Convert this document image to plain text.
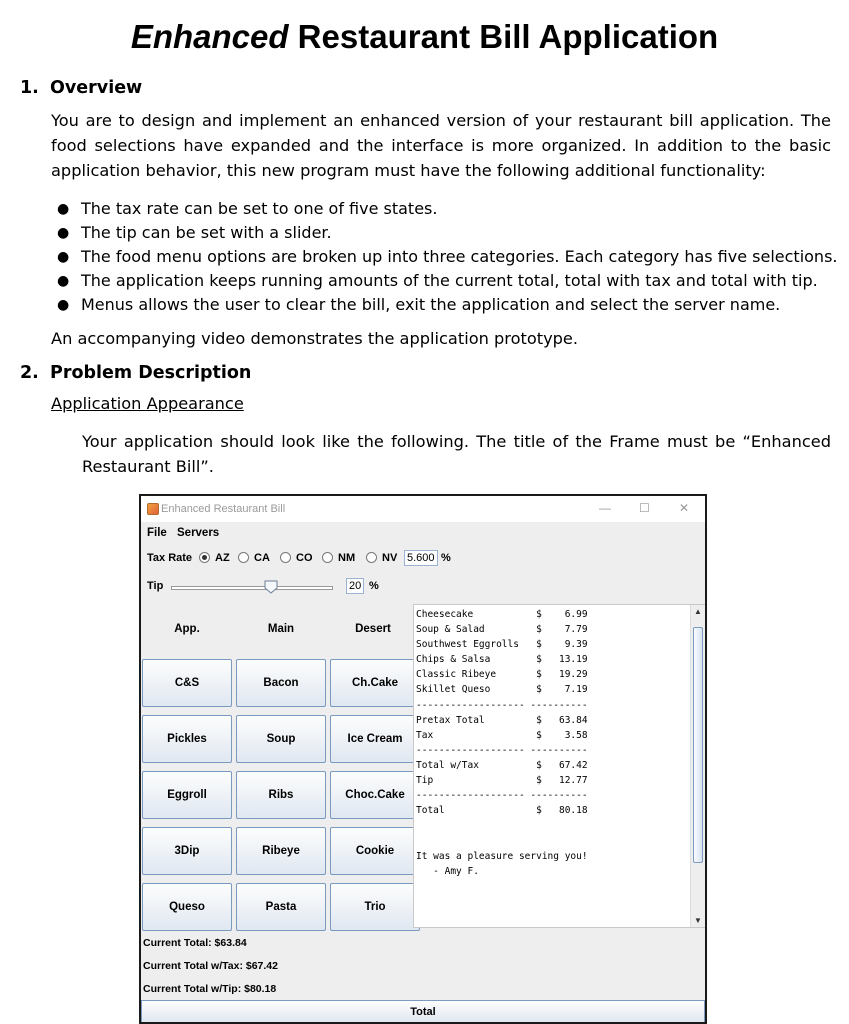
Enhanced Restaurant Bill Application
1. Overview
You are to design and implement an enhanced version of your restaurant bill application. The food selections have expanded and the interface is more organized. In addition to the basic application behavior, this new program must have the following additional functionality:
● The tax rate can be set to one of five states.
● The tip can be set with a slider.
● The food menu options are broken up into three categories. Each category has five selections.
● The application keeps running amounts of the current total, total with tax and total with tip.
● Menus allows the user to clear the bill, exit the application and select the server name.
An accompanying video demonstrates the application prototype.
2. Problem Description
Application Appearance
Your application should look like the following. The title of the Frame must be “Enhanced Restaurant Bill”.
Enhanced Restaurant Bill	— ☐ ✕
File Servers
Tax Rate AZ CA CO NM NV 5.600 %
Tip	20 %
App.	Main	Desert
C&S	Bacon	Ch.Cake
Pickles	Soup	Ice Cream
Eggroll	Ribs	Choc.Cake
3Dip	Ribeye	Cookie
Queso	Pasta	Trio
Cheesecake           $    6.99
Soup & Salad         $    7.79
Southwest Eggrolls   $    9.39
Chips & Salsa        $   13.19
Classic Ribeye       $   19.29
Skillet Queso        $    7.19
------------------- ----------
Pretax Total         $   63.84
Tax                  $    3.58
------------------- ----------
Total w/Tax          $   67.42
Tip                  $   12.77
------------------- ----------
Total                $   80.18
It was a pleasure serving you!
- Amy F.
▲
▼
Current Total: $63.84
Current Total w/Tax: $67.42
Current Total w/Tip: $80.18
Total
